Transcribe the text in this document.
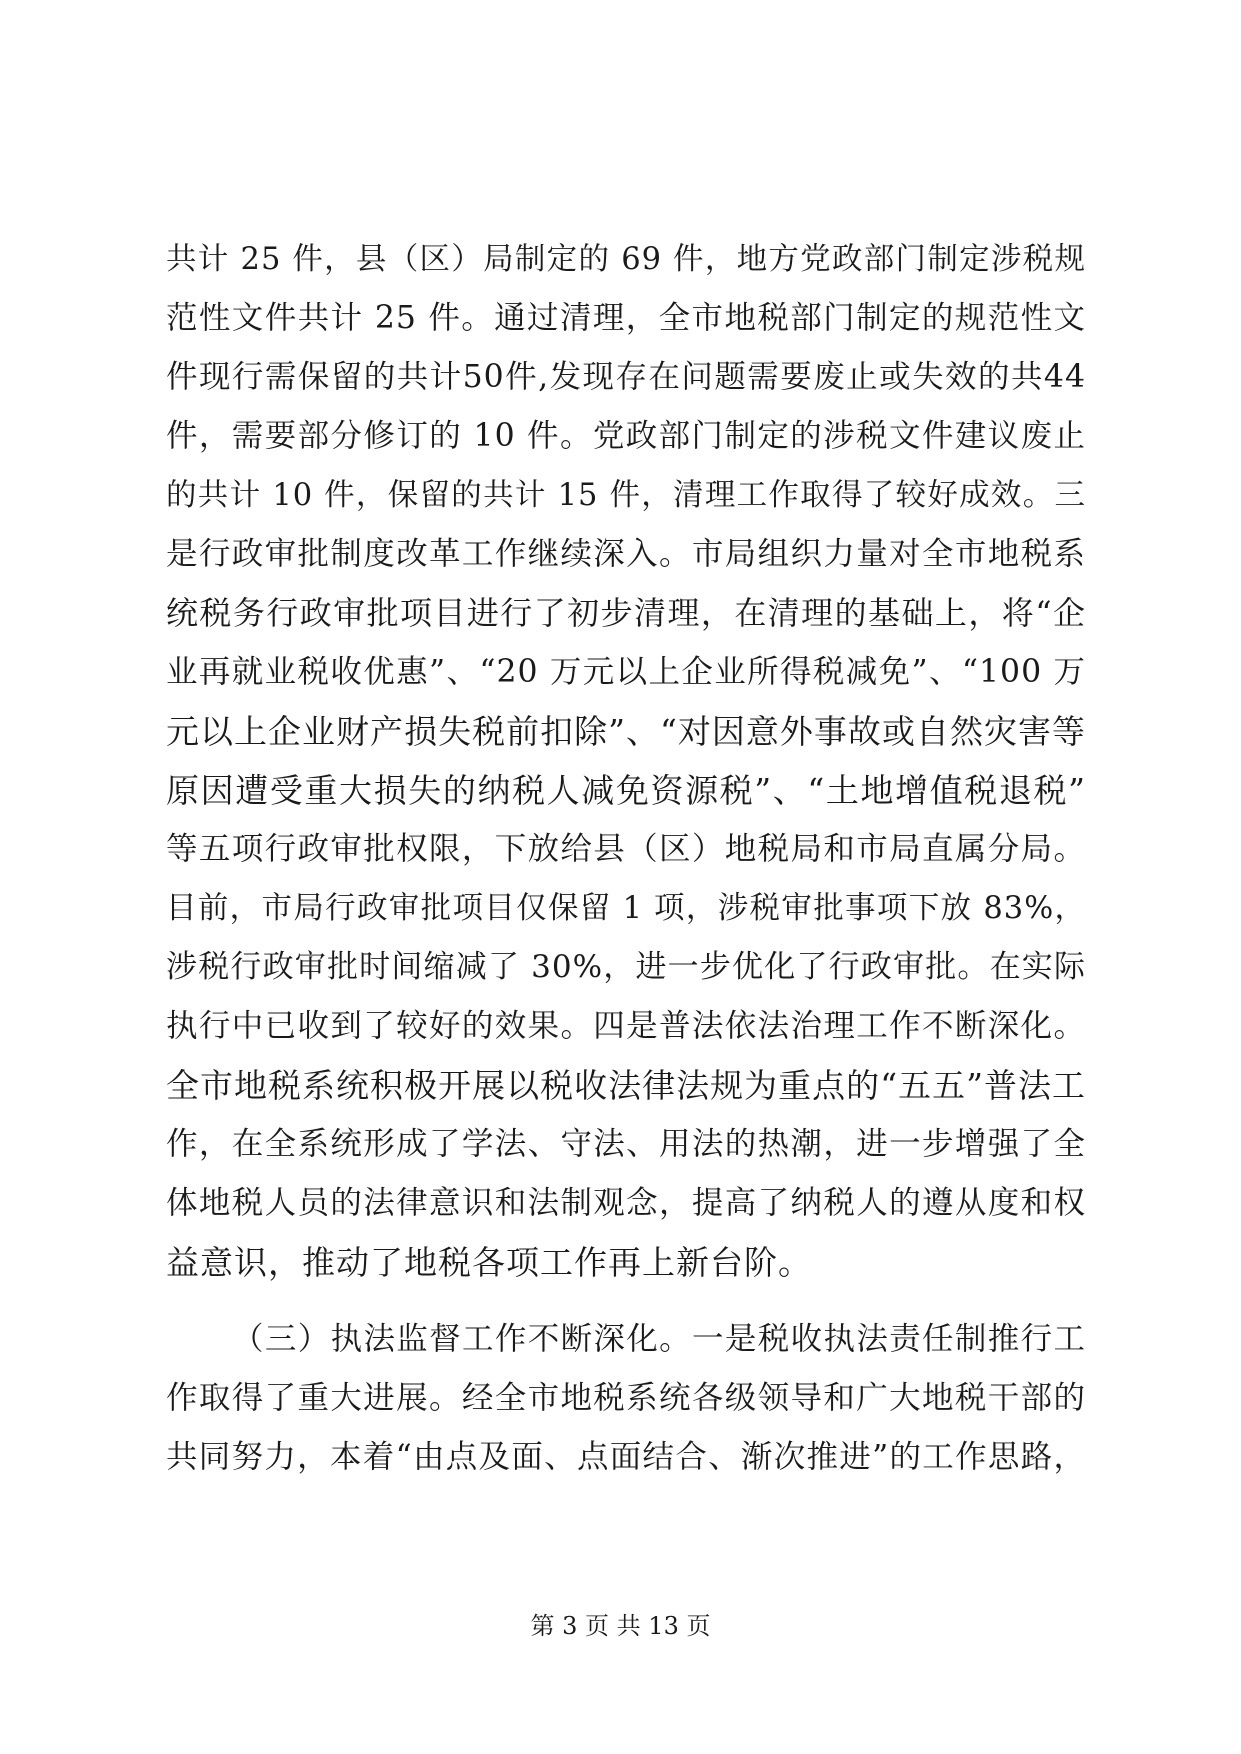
共计 25 件，县（区）局制定的 69 件，地方党政部门制定涉税规
范性文件共计 25 件。通过清理，全市地税部门制定的规范性文
件现行需保留的共计50件,发现存在问题需要废止或失效的共44
件，需要部分修订的 10 件。党政部门制定的涉税文件建议废止
的共计 10 件，保留的共计 15 件，清理工作取得了较好成效。三
是行政审批制度改革工作继续深入。市局组织力量对全市地税系
统税务行政审批项目进行了初步清理，在清理的基础上，将“企
业再就业税收优惠”、“20 万元以上企业所得税减免”、“100 万
元以上企业财产损失税前扣除”、“对因意外事故或自然灾害等
原因遭受重大损失的纳税人减免资源税”、“土地增值税退税”
等五项行政审批权限，下放给县（区）地税局和市局直属分局。
目前，市局行政审批项目仅保留 1 项，涉税审批事项下放 83%，
涉税行政审批时间缩减了 30%，进一步优化了行政审批。在实际
执行中已收到了较好的效果。四是普法依法治理工作不断深化。
全市地税系统积极开展以税收法律法规为重点的“五五”普法工
作，在全系统形成了学法、守法、用法的热潮，进一步增强了全
体地税人员的法律意识和法制观念，提高了纳税人的遵从度和权
益意识，推动了地税各项工作再上新台阶。
（三）执法监督工作不断深化。一是税收执法责任制推行工
作取得了重大进展。经全市地税系统各级领导和广大地税干部的
共同努力，本着“由点及面、点面结合、渐次推进”的工作思路，
第 3 页 共 13 页
